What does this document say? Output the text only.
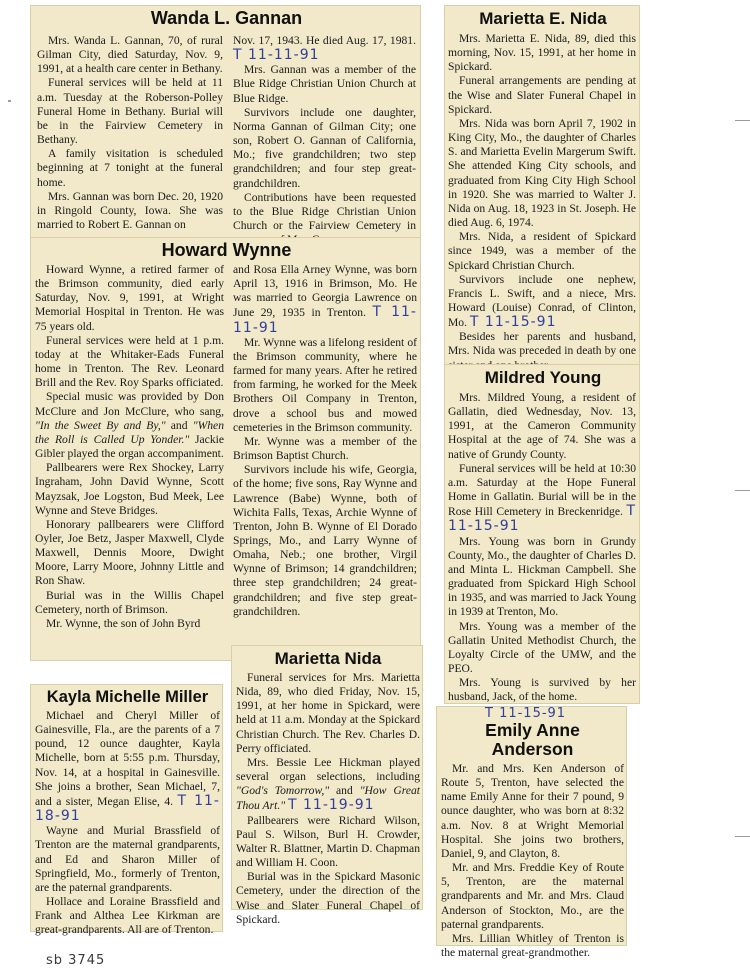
Wanda L. Gannan

Mrs. Wanda L. Gannan, 70, of rural Gilman City, died Saturday, Nov. 9, 1991, at a health care center in Bethany.

Funeral services will be held at 11 a.m. Tuesday at the Roberson-Polley Funeral Home in Bethany. Burial will be in the Fairview Cemetery in Bethany.

A family visitation is scheduled beginning at 7 tonight at the funeral home.

Mrs. Gannan was born Dec. 20, 1920 in Ringold County, Iowa. She was married to Robert E. Gannan on

Nov. 17, 1943. He died Aug. 17, 1981. T 11-11-91

Mrs. Gannan was a member of the Blue Ridge Christian Union Church at Blue Ridge.

Survivors include one daughter, Norma Gannan of Gilman City; one son, Robert O. Gannan of California, Mo.; five grandchildren; two step grandchildren; and four step great-grandchildren.

Contributions have been requested to the Blue Ridge Christian Union Church or the Fairview Cemetery in

Howard Wynne

Howard Wynne, a retired farmer of the Brimson community, died early Saturday, Nov. 9, 1991, at Wright Memorial Hospital in Trenton. He was 75 years old.

Funeral services were held at 1 p.m. today at the Whitaker-Eads Funeral home in Trenton. The Rev. Leonard Brill and the Rev. Roy Sparks officiated.

Special music was provided by Don McClure and Jon McClure, who sang, "In the Sweet By and By," and "When the Roll is Called Up Yonder." Jackie Gibler played the organ accompaniment.

Pallbearers were Rex Shockey, Larry Ingraham, John David Wynne, Scott Mayzsak, Joe Logston, Bud Meek, Lee Wynne and Steve Bridges.

Honorary pallbearers were Clifford Oyler, Joe Betz, Jasper Maxwell, Clyde Maxwell, Dennis Moore, Dwight Moore, Larry Moore, Johnny Little and Ron Shaw.

Burial was in the Willis Chapel Cemetery, north of Brimson.

Mr. Wynne, the son of John Byrd

and Rosa Ella Arney Wynne, was born April 13, 1916 in Brimson, Mo. He was married to Georgia Lawrence on June 29, 1935 in Trenton. T 11-11-91

Mr. Wynne was a lifelong resident of the Brimson community, where he farmed for many years. After he retired from farming, he worked for the Meek Brothers Oil Company in Trenton, drove a school bus and mowed cemeteries in the Brimson community.

Mr. Wynne was a member of the Brimson Baptist Church.

Survivors include his wife, Georgia, of the home; five sons, Ray Wynne and Lawrence (Babe) Wynne, both of Wichita Falls, Texas, Archie Wynne of Trenton, John B. Wynne of El Dorado Springs, Mo., and Larry Wynne of Omaha, Neb.; one brother, Virgil Wynne of Brimson; 14 grandchildren; three step grandchildren; 24 great-grandchildren; and five step great-grandchildren.

Marietta E. Nida

Mrs. Marietta E. Nida, 89, died this morning, Nov. 15, 1991, at her home in Spickard.

Funeral arrangements are pending at the Wise and Slater Funeral Chapel in Spickard.

Mrs. Nida was born April 7, 1902 in King City, Mo., the daughter of Charles S. and Marietta Evelin Margerum Swift. She attended King City schools, and graduated from King City High School in 1920. She was married to Walter J. Nida on Aug. 18, 1923 in St. Joseph. He died Aug. 6, 1974.

Mrs. Nida, a resident of Spickard since 1949, was a member of the Spickard Christian Church.

Survivors include one nephew, Francis L. Swift, and a niece, Mrs. Howard (Louise) Conrad, of Clinton, Mo. T 11-15-91

Besides her parents and husband, Mrs. Nida was preceded in death by one

Mildred Young

Mrs. Mildred Young, a resident of Gallatin, died Wednesday, Nov. 13, 1991, at the Cameron Community Hospital at the age of 74. She was a native of Grundy County.

Funeral services will be held at 10:30 a.m. Saturday at the Hope Funeral Home in Gallatin. Burial will be in the Rose Hill Cemetery in Breckenridge. T 11-15-91

Mrs. Young was born in Grundy County, Mo., the daughter of Charles D. and Minta L. Hickman Campbell. She graduated from Spickard High School in 1935, and was married to Jack Young in 1939 at Trenton, Mo.

Mrs. Young was a member of the Gallatin United Methodist Church, the Loyalty Circle of the UMW, and the PEO.

Mrs. Young is survived by her husband, Jack, of the home.

Kayla Michelle Miller

Michael and Cheryl Miller of Gainesville, Fla., are the parents of a 7 pound, 12 ounce daughter, Kayla Michelle, born at 5:55 p.m. Thursday, Nov. 14, at a hospital in Gainesville. She joins a brother, Sean Michael, 7, and a sister, Megan Elise, 4. T 11-18-91

Wayne and Murial Brassfield of Trenton are the maternal grandparents, and Ed and Sharon Miller of Springfield, Mo., formerly of Trenton, are the paternal grandparents.

Hollace and Loraine Brassfield and Frank and Althea Lee Kirkman are great-grandparents. All are of Trenton.

Marietta Nida

Funeral services for Mrs. Marietta Nida, 89, who died Friday, Nov. 15, 1991, at her home in Spickard, were held at 11 a.m. Monday at the Spickard Christian Church. The Rev. Charles D. Perry officiated.

Mrs. Bessie Lee Hickman played several organ selections, including "God's Tomorrow," and "How Great Thou Art." T 11-19-91

Pallbearers were Richard Wilson, Paul S. Wilson, Burl H. Crowder, Walter R. Blattner, Martin D. Chapman and William H. Coon.

Burial was in the Spickard Masonic Cemetery, under the direction of the Wise and Slater Funeral Chapel of Spickard.

T 11-15-91
Emily Anne
Anderson

Mr. and Mrs. Ken Anderson of Route 5, Trenton, have selected the name Emily Anne for their 7 pound, 9 ounce daughter, who was born at 8:32 a.m. Nov. 8 at Wright Memorial Hospital. She joins two brothers, Daniel, 9, and Clayton, 8.

Mr. and Mrs. Freddie Key of Route 5, Trenton, are the maternal grandparents and Mr. and Mrs. Claud Anderson of Stockton, Mo., are the paternal grandparents.

Mrs. Lillian Whitley of Trenton is the maternal great-grandmother.

sb 3745
